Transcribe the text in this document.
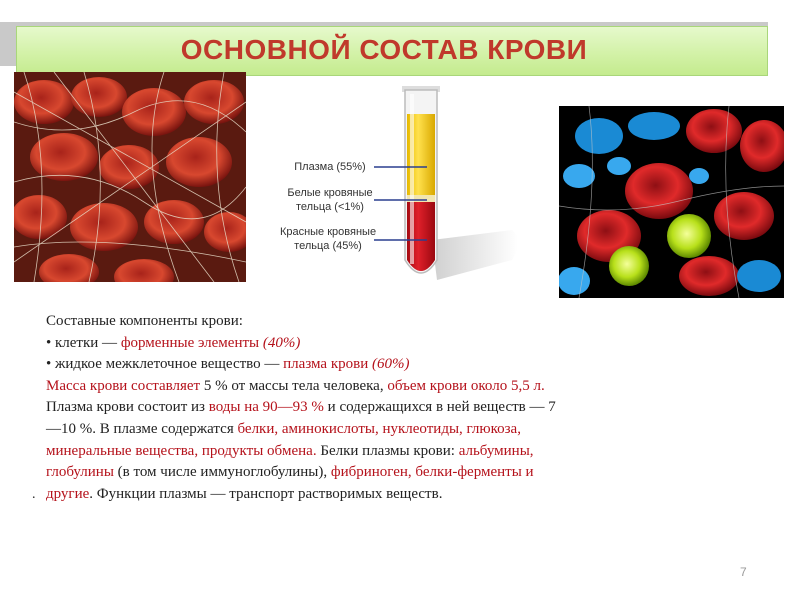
ОСНОВНОЙ СОСТАВ КРОВИ
Плазма (55%)
Белые кровяные
тельца (<1%)
Красные кровяные
тельца (45%)
Составные компоненты крови:
• клетки — форменные элементы (40%)
• жидкое межклеточное вещество — плазма крови (60%)
Масса крови составляет 5 % от массы тела человека, объем крови около 5,5 л.
Плазма крови состоит из воды на 90—93 % и содержащихся в ней веществ — 7
—10 %. В плазме содержатся белки, аминокислоты, нуклеотиды, глюкоза,
минеральные вещества, продукты обмена. Белки плазмы крови: альбумины,
глобулины (в том числе иммуноглобулины), фибриноген, белки-ферменты и
другие. Функции плазмы — транспорт растворимых веществ.
.
7
